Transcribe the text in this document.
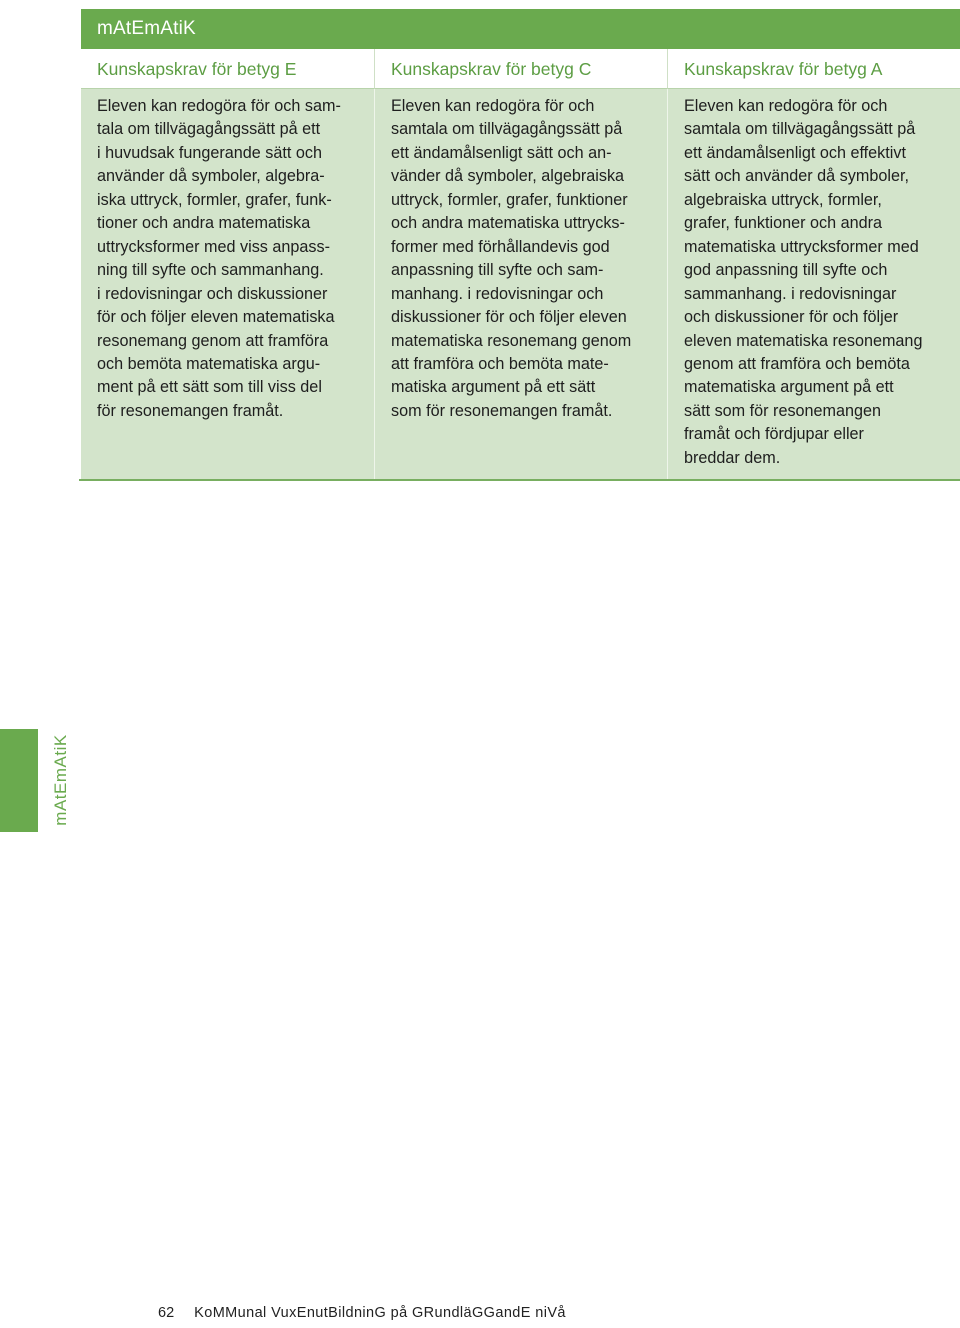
mAtEmAtiK
Kunskapskrav för betyg E	Kunskapskrav för betyg C	Kunskapskrav för betyg A

Eleven kan redogöra för och sam-

tala om tillvägagångssätt på ett

i huvudsak fungerande sätt och

använder då symboler, algebra-

iska uttryck, formler, grafer, funk-

tioner och andra matematiska

uttrycksformer med viss anpass-

ning till syfte och sammanhang.

i redovisningar och diskussioner

för och följer eleven matematiska

resonemang genom att framföra

och bemöta matematiska argu-

ment på ett sätt som till viss del

för resonemangen framåt.

Eleven kan redogöra för och

samtala om tillvägagångssätt på

ett ändamålsenligt sätt och an-

vänder då symboler, algebraiska

uttryck, formler, grafer, funktioner

och andra matematiska uttrycks-

former med förhållandevis god

anpassning till syfte och sam-

manhang. i redovisningar och

diskussioner för och följer eleven

matematiska resonemang genom

att framföra och bemöta mate-

matiska argument på ett sätt

som för resonemangen framåt.

Eleven kan redogöra för och

samtala om tillvägagångssätt på

ett ändamålsenligt och effektivt

sätt och använder då symboler,

algebraiska uttryck, formler,

grafer, funktioner och andra

matematiska uttrycksformer med

god anpassning till syfte och

sammanhang. i redovisningar

och diskussioner för och följer

eleven matematiska resonemang

genom att framföra och bemöta

matematiska argument på ett

sätt som för resonemangen

framåt och fördjupar eller

breddar dem.

mAtEmAtiK
62 KoMMunal VuxEnutBildninG på GRundläGGandE niVå
